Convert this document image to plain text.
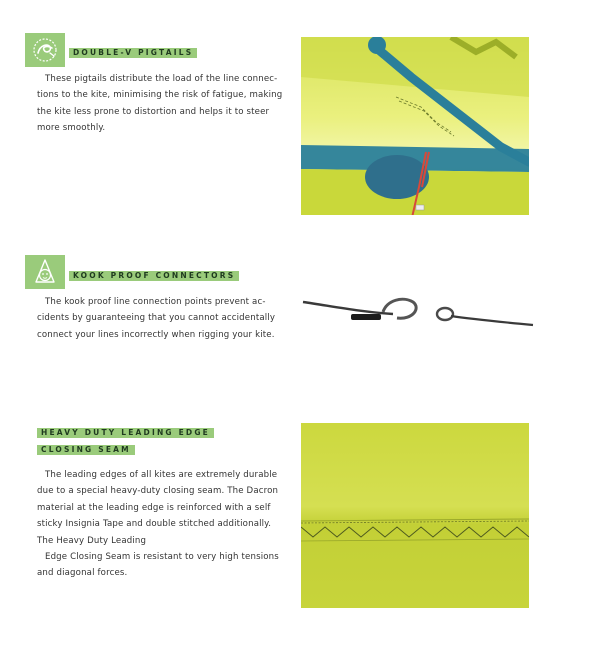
DOUBLE-V PIGTAILS
These pigtails distribute the load of the line connec-
tions to the kite, minimising the risk of fatigue, making
the kite less prone to distortion and helps it to steer
more smoothly.
KOOK PROOF CONNECTORS
The kook proof line connection points prevent ac-
cidents by guaranteeing that you cannot accidentally
connect your lines incorrectly when rigging your kite.
HEAVY DUTY LEADING EDGE
CLOSING SEAM
The leading edges of all kites are extremely durable
due to a special heavy-duty closing seam. The Dacron
material at the leading edge is reinforced with a self
sticky Insignia Tape and double stitched additionally.
The Heavy Duty Leading
Edge Closing Seam is resistant to very high tensions
and diagonal forces.
